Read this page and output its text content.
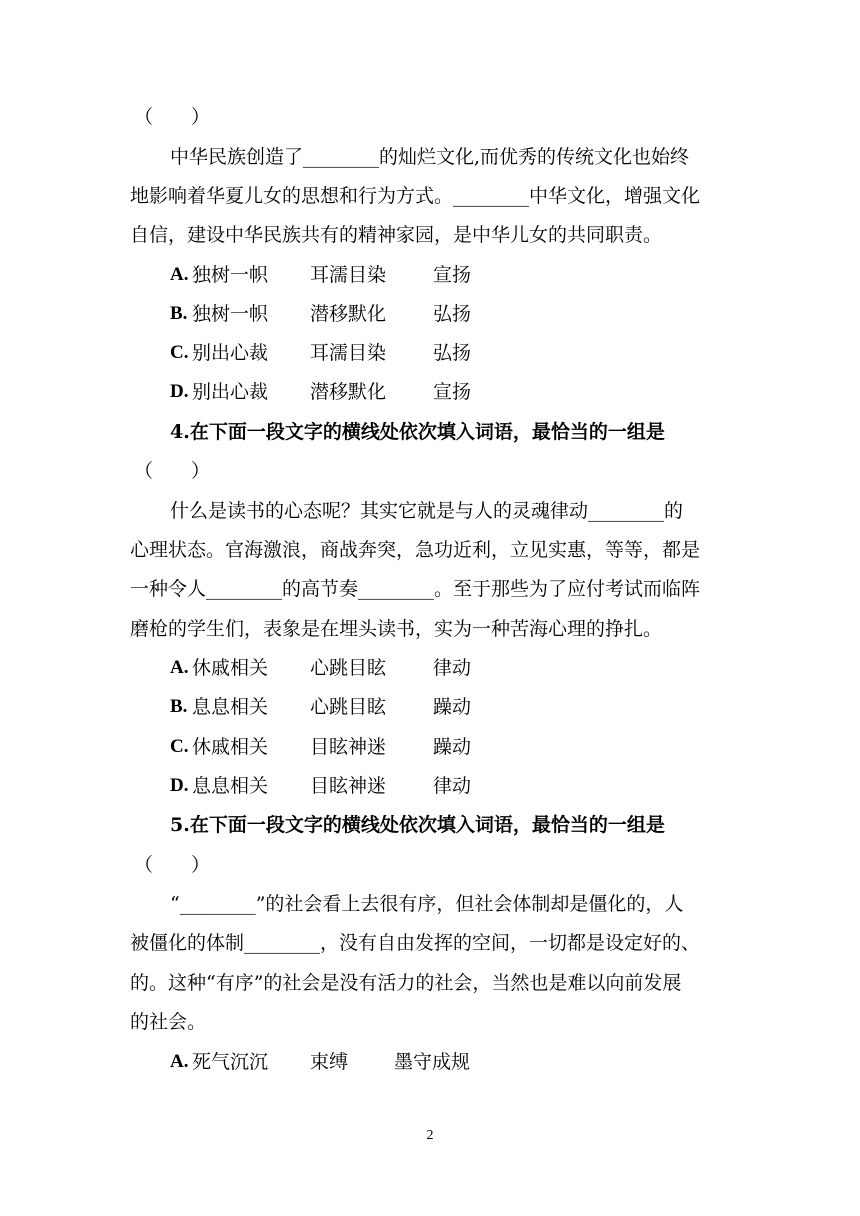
（　　）
中华民族创造了________的灿烂文化,而优秀的传统文化也始终
地影响着华夏儿女的思想和行为方式。________中华文化，增强文化
自信，建设中华民族共有的精神家园，是中华儿女的共同职责。
A. 独树一帜 耳濡目染 宣扬
B. 独树一帜 潜移默化 弘扬
C. 别出心裁 耳濡目染 弘扬
D. 别出心裁 潜移默化 宣扬
4.在下面一段文字的横线处依次填入词语，最恰当的一组是
（　　）
什么是读书的心态呢？其实它就是与人的灵魂律动________的
心理状态。官海激浪，商战奔突，急功近利，立见实惠，等等，都是
一种令人________的高节奏________。至于那些为了应付考试而临阵
磨枪的学生们，表象是在埋头读书，实为一种苦海心理的挣扎。
A. 休戚相关 心跳目眩 律动
B. 息息相关 心跳目眩 躁动
C. 休戚相关 目眩神迷 躁动
D. 息息相关 目眩神迷 律动
5.在下面一段文字的横线处依次填入词语，最恰当的一组是
（　　）
“________”的社会看上去很有序，但社会体制却是僵化的，人
被僵化的体制________，没有自由发挥的空间，一切都是设定好的、
的。这种“有序”的社会是没有活力的社会，当然也是难以向前发展
的社会。
A. 死气沉沉 束缚 墨守成规
2
